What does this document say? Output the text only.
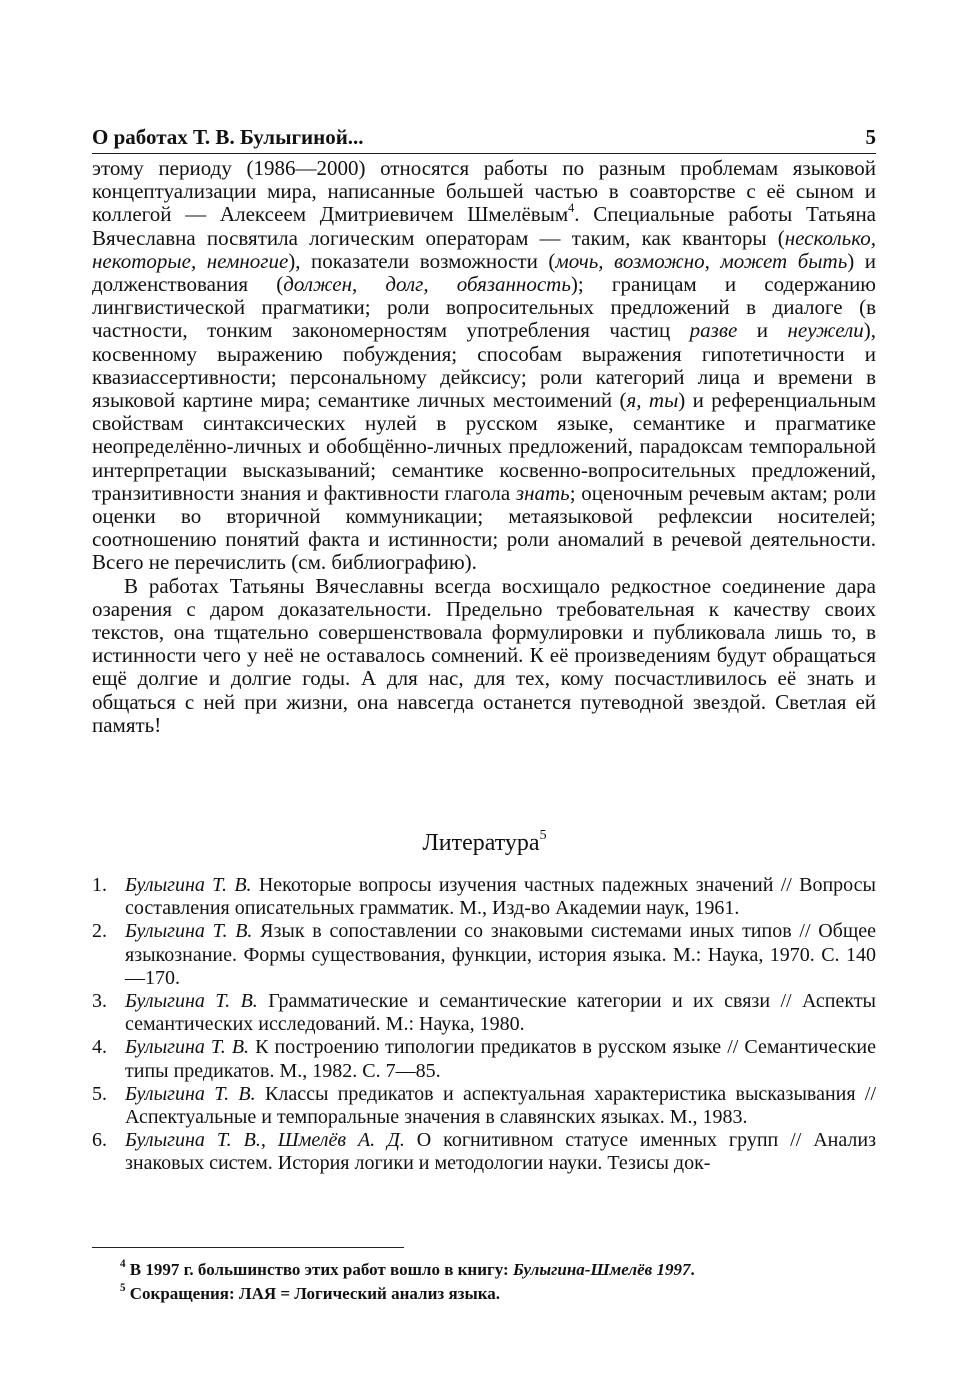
О работах Т. В. Булыгиной...	5

этому периоду (1986—2000) относятся работы по разным проблемам языковой концептуализации мира, написанные большей частью в соавторстве с её сыном и коллегой — Алексеем Дмитриевичем Шмелёвым$^4$. Специальные работы Татьяна Вячеславна посвятила логическим операторам — таким, как кванторы (несколько, некоторые, немногие), показатели возможности (мочь, возможно, может быть) и долженствования (должен, долг, обязанность); границам и содержанию лингвистической прагматики; роли вопросительных предложений в диалоге (в частности, тонким закономерностям употребления частиц разве и неужели), косвенному выражению побуждения; способам выражения гипотетичности и квазиассертивности; персональному дейксису; роли категорий лица и времени в языковой картине мира; семантике личных местоимений (я, ты) и референциальным свойствам синтаксических нулей в русском языке, семантике и прагматике неопределённо-личных и обобщённо-личных предложений, парадоксам темпоральной интерпретации высказываний; семантике косвенно-вопросительных предложений, транзитивности знания и фактивности глагола знать; оценочным речевым актам; роли оценки во вторичной коммуникации; метаязыковой рефлексии носителей; соотношению понятий факта и истинности; роли аномалий в речевой деятельности. Всего не перечислить (см. библиографию).

В работах Татьяны Вячеславны всегда восхищало редкостное соединение дара озарения с даром доказательности. Предельно требовательная к качеству своих текстов, она тщательно совершенствовала формулировки и публиковала лишь то, в истинности чего у неё не оставалось сомнений. К её произведениям будут обращаться ещё долгие и долгие годы. А для нас, для тех, кому посчастливилось её знать и общаться с ней при жизни, она навсегда останется путеводной звездой. Светлая ей память!

Литература$^5$
1. Булыгина Т. В. Некоторые вопросы изучения частных падежных значений // Вопросы составления описательных грамматик. М., Изд-во Академии наук, 1961.
2. Булыгина Т. В. Язык в сопоставлении со знаковыми системами иных типов // Общее языкознание. Формы существования, функции, история языка. М.: Наука, 1970. С. 140—170.
3. Булыгина Т. В. Грамматические и семантические категории и их связи // Аспекты семантических исследований. М.: Наука, 1980.
4. Булыгина Т. В. К построению типологии предикатов в русском языке // Семантические типы предикатов. М., 1982. С. 7—85.
5. Булыгина Т. В. Классы предикатов и аспектуальная характеристика высказывания // Аспектуальные и темпоральные значения в славянских языках. М., 1983.
6. Булыгина Т. В., Шмелёв А. Д. О когнитивном статусе именных групп // Анализ знаковых систем. История логики и методологии науки. Тезисы док-

$^4$ В 1997 г. большинство этих работ вошло в книгу: Булыгина-Шмелёв 1997.

$^5$ Сокращения: ЛАЯ = Логический анализ языка.
